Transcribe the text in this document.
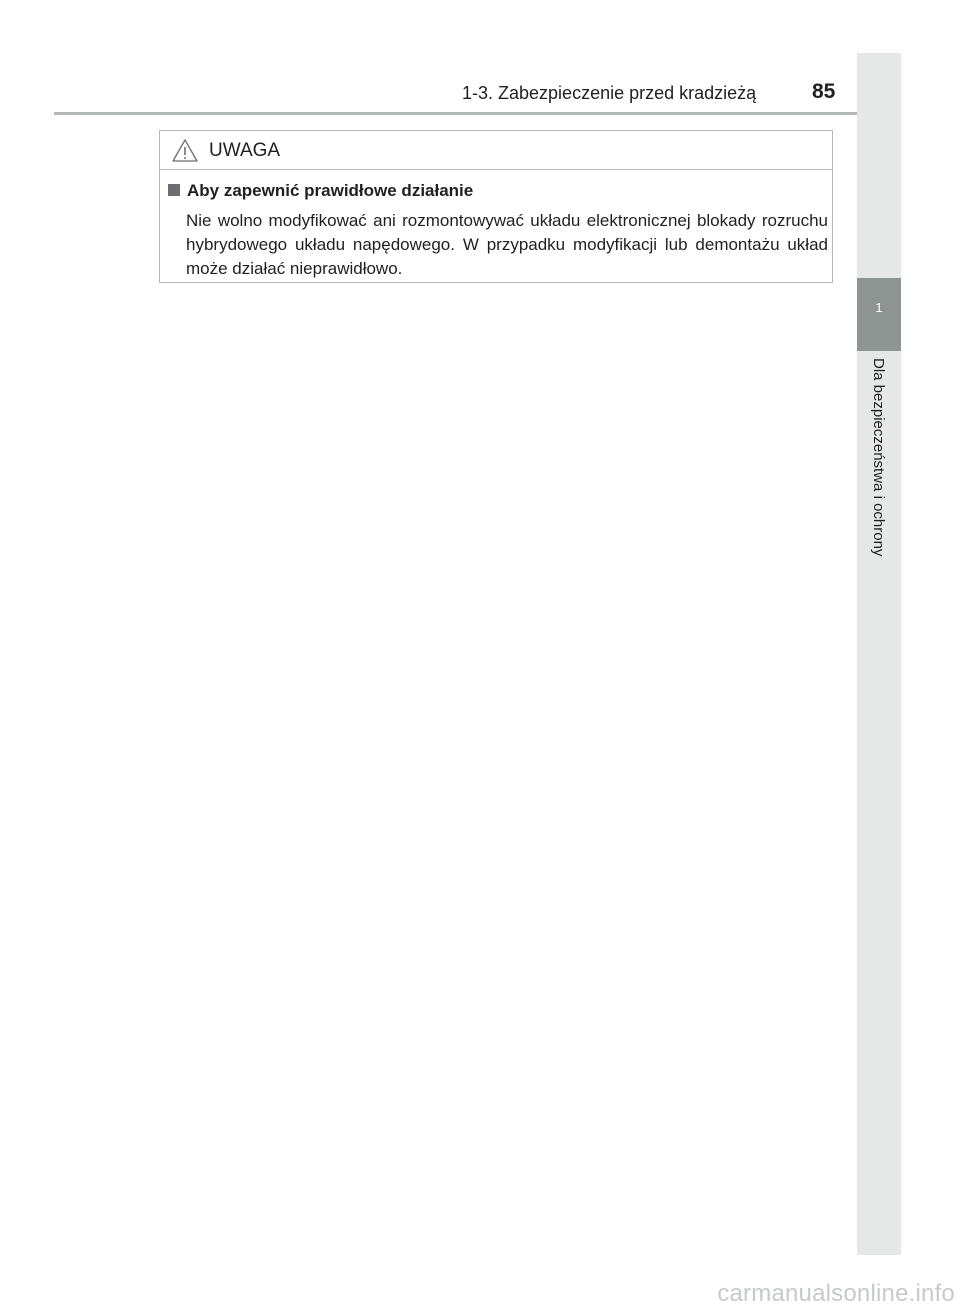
1-3. Zabezpieczenie przed kradzieżą	85
1
Dla bezpieczeństwa i ochrony
UWAGA
Aby zapewnić prawidłowe działanie
Nie wolno modyfikować ani rozmontowywać układu elektronicznej blokady rozruchu hybrydowego układu napędowego. W przypadku modyfikacji lub demontażu układ może działać nieprawidłowo.
carmanualsonline.info
